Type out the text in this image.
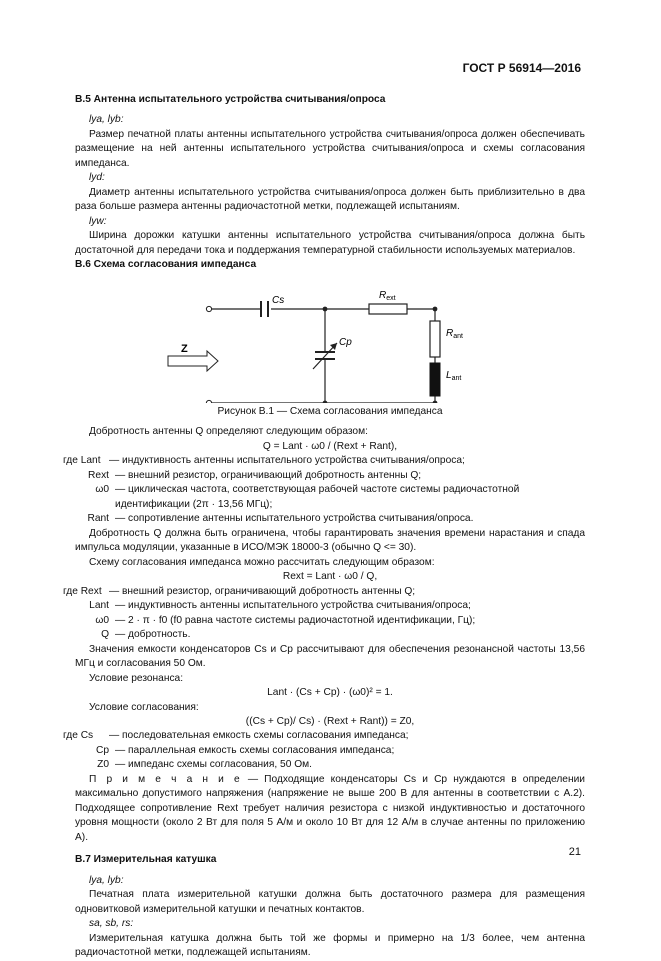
ГОСТ Р 56914—2016

В.5 Антенна испытательного устройства считывания/опроса

lya, lyb:

Размер печатной платы антенны испытательного устройства считывания/опроса должен обеспечивать размещение на ней антенны испытательного устройства считывания/опроса и схемы согласования импеданса.

lyd:

Диаметр антенны испытательного устройства считывания/опроса должен быть приблизительно в два раза больше размера антенны радиочастотной метки, подлежащей испытаниям.

lyw:

Ширина дорожки катушки антенны испытательного устройства считывания/опроса должна быть достаточной для передачи тока и поддержания температурной стабильности используемых материалов.

В.6 Схема согласования импеданса

Cs
Cp
$R_{ext}$
$R_{ant}$
$L_{ant}$
Z

Рисунок В.1 — Схема согласования импеданса

Добротность антенны Q определяют следующим образом:

Q = Lant · ω0 / (Rext + Rant),

где Lant — индуктивность антенны испытательного устройства считывания/опроса;
Rext — внешний резистор, ограничивающий добротность антенны Q;
ω0 — циклическая частота, соответствующая рабочей частоте системы радиочастотной идентификации (2π · 13,56 МГц);
Rant — сопротивление антенны испытательного устройства считывания/опроса.

Добротность Q должна быть ограничена, чтобы гарантировать значения времени нарастания и спада импульса модуляции, указанные в ИСО/МЭК 18000-3 (обычно Q <= 30).

Схему согласования импеданса можно рассчитать следующим образом:

Rext = Lant · ω0 / Q,

где Rext — внешний резистор, ограничивающий добротность антенны Q;
Lant — индуктивность антенны испытательного устройства считывания/опроса;
ω0 — 2 · π · f0 (f0 равна частоте системы радиочастотной идентификации, Гц);
Q — добротность.

Значения емкости конденсаторов Cs и Cp рассчитывают для обеспечения резонансной частоты 13,56 МГц и согласования 50 Ом.

Условие резонанса:

Lant · (Cs + Cp) · (ω0)² = 1.

Условие согласования:

((Cs + Cp)/ Cs) · (Rext + Rant)) = Z0,

где Cs	— последовательная емкость схемы согласования импеданса;
Cp — параллельная емкость схемы согласования импеданса;
Z0 — импеданс схемы согласования, 50 Ом.

П р и м е ч а н и е — Подходящие конденсаторы Cs и Cp нуждаются в определении максимально допустимого напряжения (напряжение не выше 200 В для антенны в соответствии с А.2). Подходящее сопротивление Rext требует наличия резистора с низкой индуктивностью и достаточного уровня мощности (около 2 Вт для поля 5 А/м и около 10 Вт для 12 А/м в случае антенны по приложению А).

В.7 Измерительная катушка

lya, lyb:

Печатная плата измерительной катушки должна быть достаточного размера для размещения одновитковой измерительной катушки и печатных контактов.

sa, sb, rs:

Измерительная катушка должна быть той же формы и примерно на 1/3 более, чем антенна радиочастотной метки, подлежащей испытаниям.

21
